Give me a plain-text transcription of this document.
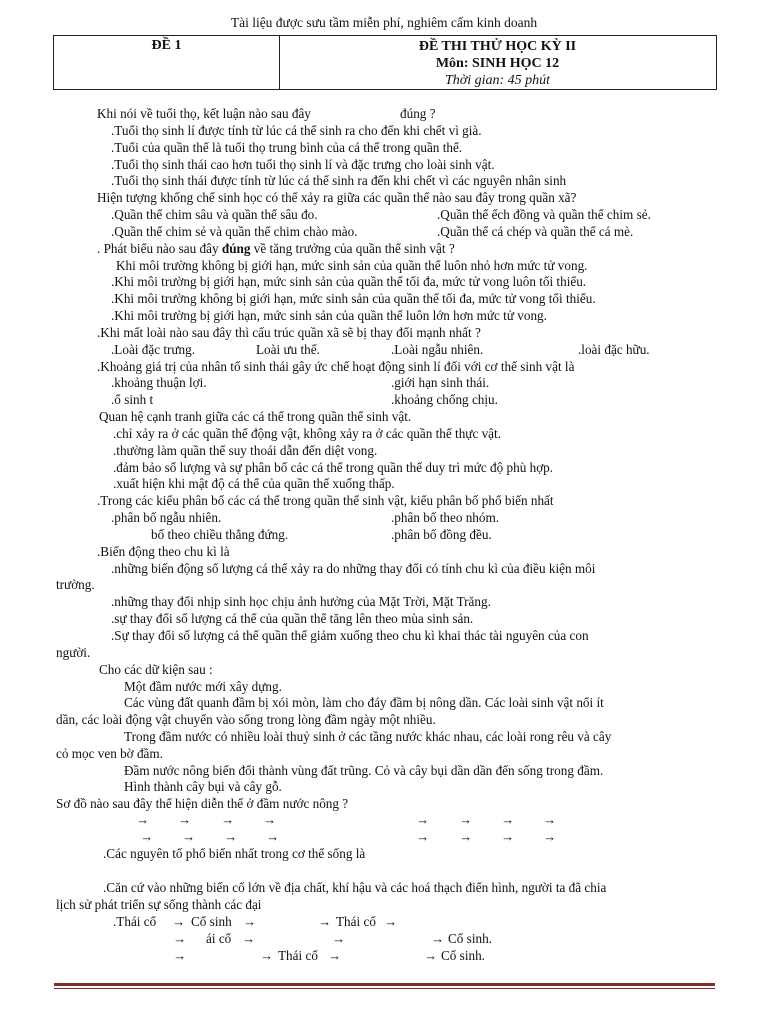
Tài liệu được sưu tầm miễn phí, nghiêm cấm kinh doanh
ĐỀ 1	ĐỀ THI THỬ HỌC KỲ II
Môn: SINH HỌC 12
Thời gian: 45 phút
Khi nói về tuổi thọ, kết luận nào sau đây	đúng ?
.Tuổi thọ sinh lí được tính từ lúc cá thể sinh ra cho đến khi chết vì già.
.Tuổi của quần thể là tuổi thọ trung bình của cá thể trong quần thể.
.Tuổi thọ sinh thái cao hơn tuổi thọ sinh lí và đặc trưng cho loài sinh vật.
.Tuổi thọ sinh thái được tính từ lúc cá thể sinh ra đến khi chết vì các nguyên nhân sinh
Hiện tượng khống chế sinh học có thể xảy ra giữa các quần thể nào sau đây trong quần xã?
.Quần thể chim sâu và quần thể sâu đo.	.Quần thể ếch đồng và quần thể chim sẻ.
.Quần thể chim sẻ và quần thể chim chào mào.	.Quần thể cá chép và quần thể cá mè.
. Phát biểu nào sau đây đúng về tăng trưởng của quần thể sinh vật ?
Khi môi trường không bị giới hạn, mức sinh sản của quần thể luôn nhỏ hơn mức tử vong.
.Khi môi trường bị giới hạn, mức sinh sản của quần thể tối đa, mức tử vong luôn tối thiểu.
.Khi môi trường không bị giới hạn, mức sinh sản của quần thể tối đa, mức tử vong tối thiểu.
.Khi môi trường bị giới hạn, mức sinh sản của quần thể luôn lớn hơn mức tử vong.
.Khi mất loài nào sau đây thì cấu trúc quần xã sẽ bị thay đổi mạnh nhất ?
.Loài đặc trưng.	Loài ưu thế.	.Loài ngẫu nhiên.	.loài đặc hữu.
.Khoảng giá trị của nhân tố sinh thái gây ức chế hoạt động sinh lí đối với cơ thể sinh vật là
.khoảng thuận lợi.	.giới hạn sinh thái.
.ổ sinh t	.khoảng chống chịu.
Quan hệ cạnh tranh giữa các cá thể trong quần thể sinh vật.
.chỉ xảy ra ở các quần thể động vật, không xảy ra ở các quần thể thực vật.
.thường làm quần thể suy thoái dẫn đến diệt vong.
.đảm bảo số lượng và sự phân bố các cá thể trong quần thể duy trì mức độ phù hợp.
.xuất hiện khi mật độ cá thể của quần thể xuống thấp.
.Trong các kiểu phân bố các cá thể trong quần thể sinh vật, kiểu phân bố phổ biến nhất
.phân bố ngẫu nhiên.	.phân bố theo nhóm.
bố theo chiều thẳng đứng.	.phân bố đồng đều.
.Biến động theo chu kì là
.những biến động số lượng cá thể xảy ra do những thay đổi có tính chu kì của điều kiện môi
trường.
.những thay đổi nhịp sinh học chịu ảnh hưởng của Mặt Trời, Mặt Trăng.
.sự thay đổi số lượng cá thể của quần thể tăng lên theo mùa sinh sản.
.Sự thay đổi số lượng cá thể quần thể giảm xuống theo chu kì khai thác tài nguyên của con
người.
Cho các dữ kiện sau :
Một đầm nước mới xây dựng.
Các vùng đất quanh đầm bị xói mòn, làm cho đáy đầm bị nông dần. Các loài sinh vật nổi ít
dần, các loài động vật chuyển vào sống trong lòng đầm ngày một nhiều.
Trong đầm nước có nhiều loài thuỷ sinh ở các tầng nước khác nhau, các loài rong rêu và cây
cỏ mọc ven bờ đầm.
Đầm nước nông biến đổi thành vùng đất trũng. Cỏ và cây bụi dần dần đến sống trong đầm.
Hình thành cây bụi và cây gỗ.
Sơ đồ nào sau đây thể hiện diễn thế ở đầm nước nông ?
→ → → →	→ → → →
→ → → →	→ → → →
.Các nguyên tố phổ biến nhất trong cơ thể sống là
.Căn cứ vào những biến cố lớn về địa chất, khí hậu và các hoá thạch điển hình, người ta đã chia
lịch sử phát triển sự sống thành các đại
.Thái cổ → Cổ sinh →	→ Thái cổ →
→ ái cổ →	→	→ Cổ sinh.
→	→ Thái cổ →	→ Cổ sinh.
